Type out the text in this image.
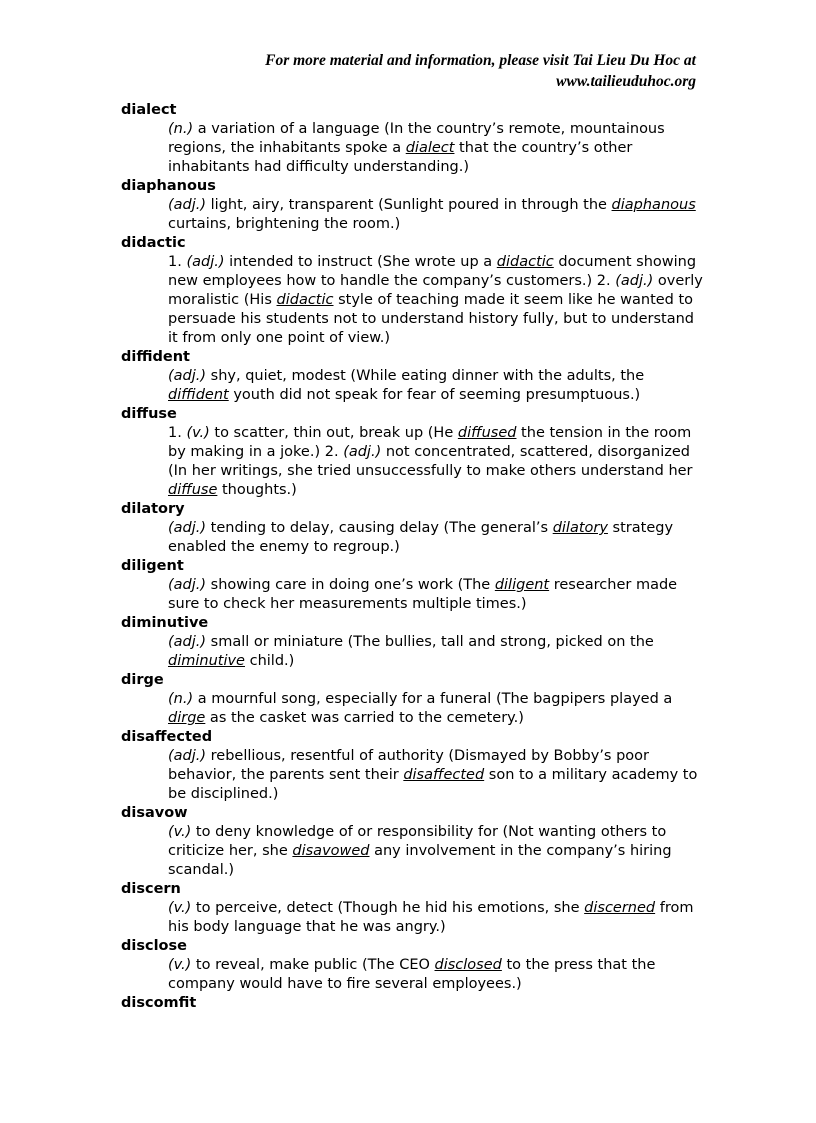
For more material and information, please visit Tai Lieu Du Hoc at
www.tailieuduhoc.org
dialect
(n.) a variation of a language (In the country’s remote, mountainous regions, the inhabitants spoke a dialect that the country’s other inhabitants had difficulty understanding.)
diaphanous
(adj.) light, airy, transparent (Sunlight poured in through the diaphanous curtains, brightening the room.)
didactic
1. (adj.) intended to instruct (She wrote up a didactic document showing new employees how to handle the company’s customers.) 2. (adj.) overly moralistic (His didactic style of teaching made it seem like he wanted to persuade his students not to understand history fully, but to understand it from only one point of view.)
diffident
(adj.) shy, quiet, modest (While eating dinner with the adults, the diffident youth did not speak for fear of seeming presumptuous.)
diffuse
1. (v.) to scatter, thin out, break up (He diffused the tension in the room by making in a joke.) 2. (adj.) not concentrated, scattered, disorganized (In her writings, she tried unsuccessfully to make others understand her diffuse thoughts.)
dilatory
(adj.) tending to delay, causing delay (The general’s dilatory strategy enabled the enemy to regroup.)
diligent
(adj.) showing care in doing one’s work (The diligent researcher made sure to check her measurements multiple times.)
diminutive
(adj.) small or miniature (The bullies, tall and strong, picked on the diminutive child.)
dirge
(n.) a mournful song, especially for a funeral (The bagpipers played a dirge as the casket was carried to the cemetery.)
disaffected
(adj.) rebellious, resentful of authority (Dismayed by Bobby’s poor behavior, the parents sent their disaffected son to a military academy to be disciplined.)
disavow
(v.) to deny knowledge of or responsibility for (Not wanting others to criticize her, she disavowed any involvement in the company’s hiring scandal.)
discern
(v.) to perceive, detect (Though he hid his emotions, she discerned from his body language that he was angry.)
disclose
(v.) to reveal, make public (The CEO disclosed to the press that the company would have to fire several employees.)
discomfit
